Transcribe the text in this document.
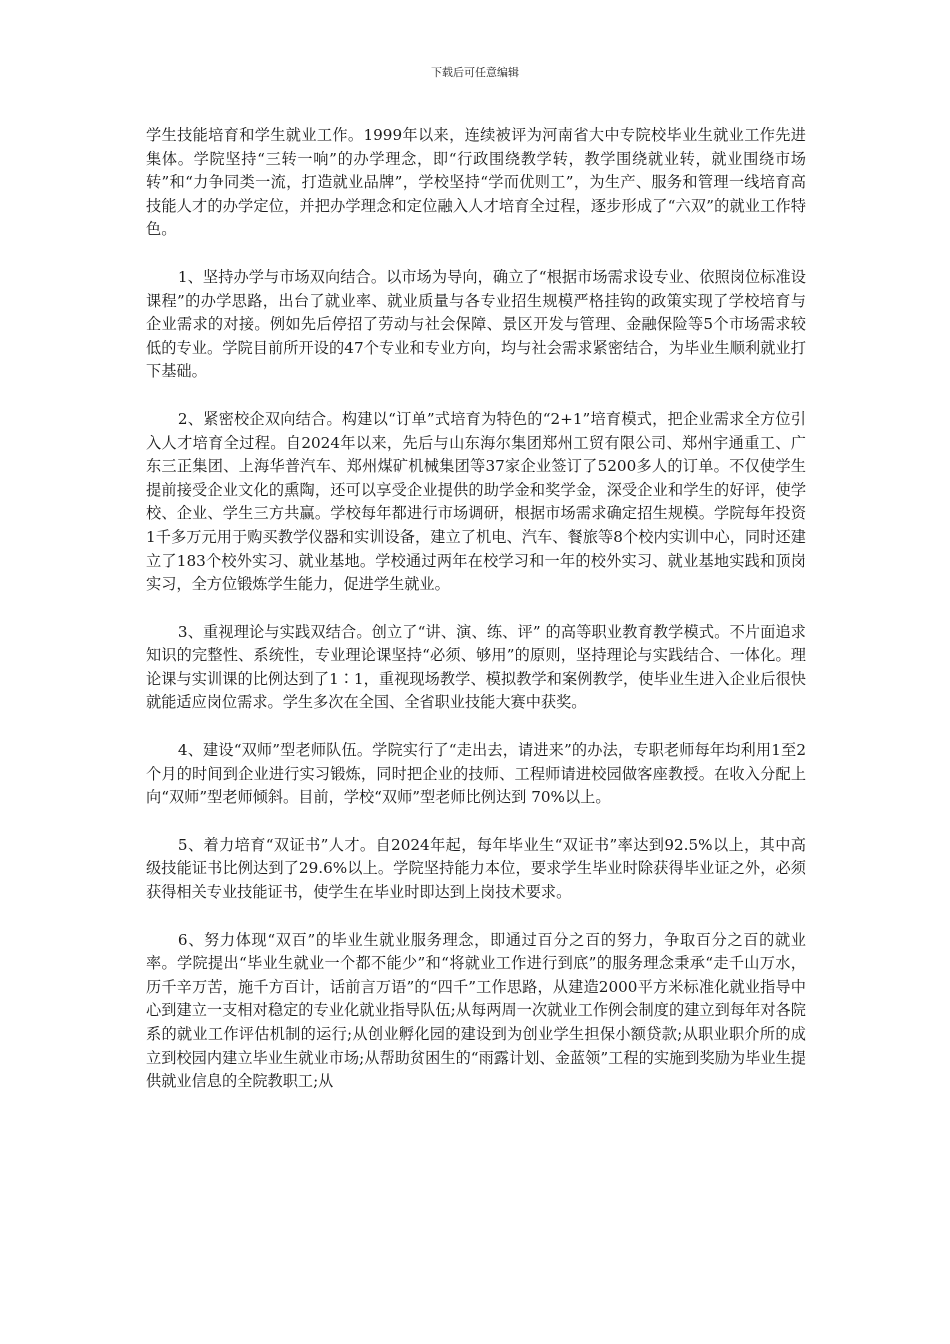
下载后可任意编辑

学生技能培育和学生就业工作。1999年以来，连续被评为河南省大中专院校毕业生就业工作先进集体。学院坚持“三转一响”的办学理念，即“行政围绕教学转，教学围绕就业转，就业围绕市场转”和“力争同类一流，打造就业品牌”，学校坚持“学而优则工”，为生产、服务和管理一线培育高技能人才的办学定位，并把办学理念和定位融入人才培育全过程，逐步形成了“六双”的就业工作特色。

1、坚持办学与市场双向结合。以市场为导向，确立了“根据市场需求设专业、依照岗位标准设课程”的办学思路，出台了就业率、就业质量与各专业招生规模严格挂钩的政策实现了学校培育与企业需求的对接。例如先后停招了劳动与社会保障、景区开发与管理、金融保险等5个市场需求较低的专业。学院目前所开设的47个专业和专业方向，均与社会需求紧密结合，为毕业生顺利就业打下基础。

2、紧密校企双向结合。构建以“订单”式培育为特色的“2+1”培育模式，把企业需求全方位引入人才培育全过程。自2024年以来，先后与山东海尔集团郑州工贸有限公司、郑州宇通重工、广东三正集团、上海华普汽车、郑州煤矿机械集团等37家企业签订了5200多人的订单。不仅使学生提前接受企业文化的熏陶，还可以享受企业提供的助学金和奖学金，深受企业和学生的好评，使学校、企业、学生三方共赢。学校每年都进行市场调研，根据市场需求确定招生规模。学院每年投资1千多万元用于购买教学仪器和实训设备，建立了机电、汽车、餐旅等8个校内实训中心，同时还建立了183个校外实习、就业基地。学校通过两年在校学习和一年的校外实习、就业基地实践和顶岗实习，全方位锻炼学生能力，促进学生就业。

3、重视理论与实践双结合。创立了“讲、演、练、评” 的高等职业教育教学模式。不片面追求知识的完整性、系统性，专业理论课坚持“必须、够用”的原则，坚持理论与实践结合、一体化。理论课与实训课的比例达到了1∶1，重视现场教学、模拟教学和案例教学，使毕业生进入企业后很快就能适应岗位需求。学生多次在全国、全省职业技能大赛中获奖。

4、建设“双师”型老师队伍。学院实行了“走出去，请进来”的办法，专职老师每年均利用1至2个月的时间到企业进行实习锻炼，同时把企业的技师、工程师请进校园做客座教授。在收入分配上向“双师”型老师倾斜。目前，学校“双师”型老师比例达到 70%以上。

5、着力培育“双证书”人才。自2024年起，每年毕业生“双证书”率达到92.5%以上，其中高级技能证书比例达到了29.6%以上。学院坚持能力本位，要求学生毕业时除获得毕业证之外，必须获得相关专业技能证书，使学生在毕业时即达到上岗技术要求。

6、努力体现“双百”的毕业生就业服务理念，即通过百分之百的努力，争取百分之百的就业率。学院提出“毕业生就业一个都不能少”和“将就业工作进行到底”的服务理念秉承“走千山万水，历千辛万苦，施千方百计，话前言万语”的“四千”工作思路，从建造2000平方米标准化就业指导中心到建立一支相对稳定的专业化就业指导队伍;从每两周一次就业工作例会制度的建立到每年对各院系的就业工作评估机制的运行;从创业孵化园的建设到为创业学生担保小额贷款;从职业职介所的成立到校园内建立毕业生就业市场;从帮助贫困生的“雨露计划、金蓝领”工程的实施到奖励为毕业生提供就业信息的全院教职工;从
